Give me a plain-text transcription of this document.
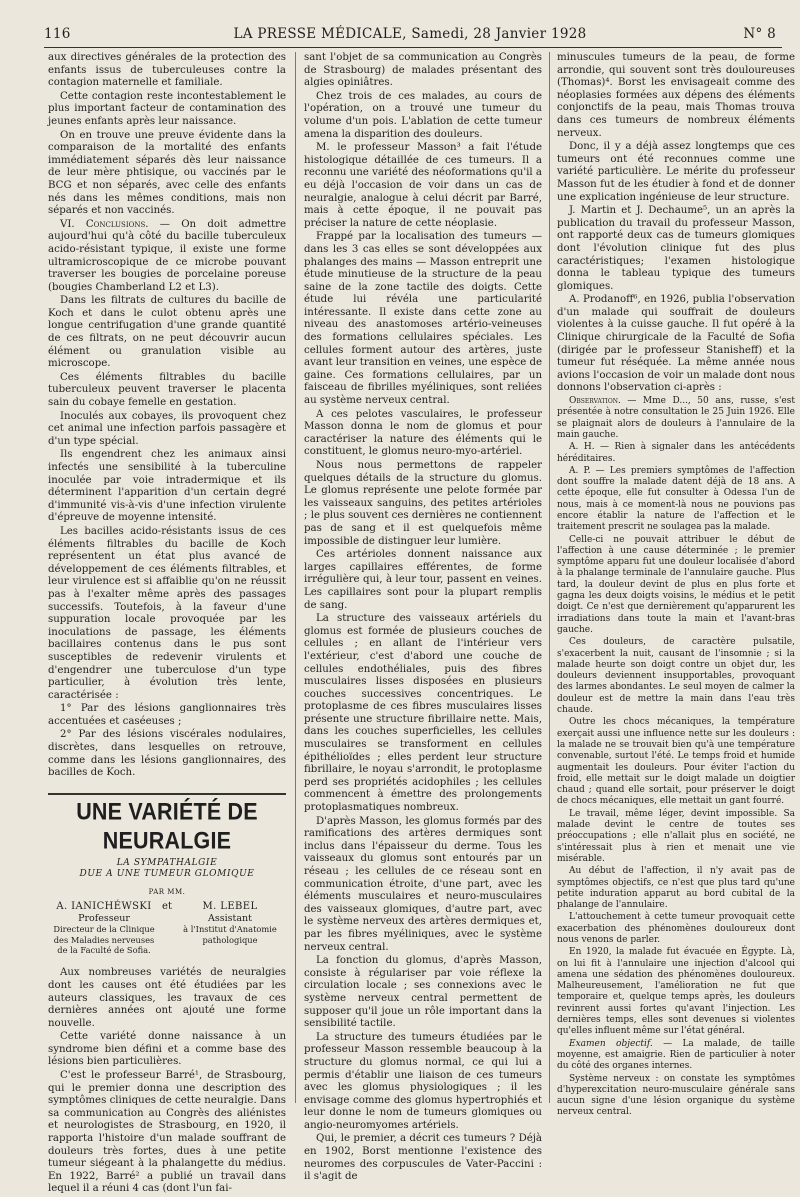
116	LA PRESSE MÉDICALE, Samedi, 28 Janvier 1928	N° 8

aux directives générales de la protection des enfants issus de tuberculeuses contre la contagion maternelle et familiale.

Cette contagion reste incontestablement le plus important facteur de contamination des jeunes enfants après leur naissance.

On en trouve une preuve évidente dans la comparaison de la mortalité des enfants immédiatement séparés dès leur naissance de leur mère phtisique, ou vaccinés par le BCG et non séparés, avec celle des enfants nés dans les mêmes conditions, mais non séparés et non vaccinés.

VI. Conclusions. — On doit admettre aujourd'hui qu'à côté du bacille tuberculeux acido-résistant typique, il existe une forme ultramicroscopique de ce microbe pouvant traverser les bougies de porcelaine poreuse (bougies Chamberland L2 et L3).

Dans les filtrats de cultures du bacille de Koch et dans le culot obtenu après une longue centrifugation d'une grande quantité de ces filtrats, on ne peut découvrir aucun élément ou granulation visible au microscope.

Ces éléments filtrables du bacille tuberculeux peuvent traverser le placenta sain du cobaye femelle en gestation.

Inoculés aux cobayes, ils provoquent chez cet animal une infection parfois passagère et d'un type spécial.

Ils engendrent chez les animaux ainsi infectés une sensibilité à la tuberculine inoculée par voie intradermique et ils déterminent l'apparition d'un certain degré d'immunité vis-à-vis d'une infection virulente d'épreuve de moyenne intensité.

Les bacilles acido-résistants issus de ces éléments filtrables du bacille de Koch représentent un état plus avancé de développement de ces éléments filtrables, et leur virulence est si affaiblie qu'on ne réussit pas à l'exalter même après des passages successifs. Toutefois, à la faveur d'une suppuration locale provoquée par les inoculations de passage, les éléments bacillaires contenus dans le pus sont susceptibles de redevenir virulents et d'engendrer une tuberculose d'un type particulier, à évolution très lente, caractérisée :

1° Par des lésions ganglionnaires très accentuées et caséeuses ;

2° Par des lésions viscérales nodulaires, discrètes, dans lesquelles on retrouve, comme dans les lésions ganglionnaires, des bacilles de Koch.

UNE VARIÉTÉ DE NEURALGIE
LA SYMPATHALGIE
DUE A UNE TUMEUR GLOMIQUE
PAR MM.
A. IANICHÉWSKI
Professeur
Directeur de la Clinique des Maladies nerveuses de la Faculté de Sofia.
et	M. LEBEL
Assistant
à l'Institut d'Anatomie pathologique

Aux nombreuses variétés de neuralgies dont les causes ont été étudiées par les auteurs classiques, les travaux de ces dernières années ont ajouté une forme nouvelle.

Cette variété donne naissance à un syndrome bien défini et a comme base des lésions bien particulières.

C'est le professeur Barré¹, de Strasbourg, qui le premier donna une description des symptômes cliniques de cette neuralgie. Dans sa communication au Congrès des aliénistes et neurologistes de Strasbourg, en 1920, il rapporta l'histoire d'un malade souffrant de douleurs très fortes, dues à une petite tumeur siégeant à la phalangette du médius. En 1922, Barré² a publié un travail dans lequel il a réuni 4 cas (dont l'un fai-

sant l'objet de sa communication au Congrès de Strasbourg) de malades présentant des algies opiniâtres.

Chez trois de ces malades, au cours de l'opération, on a trouvé une tumeur du volume d'un pois. L'ablation de cette tumeur amena la disparition des douleurs.

M. le professeur Masson³ a fait l'étude histologique détaillée de ces tumeurs. Il a reconnu une variété des néoformations qu'il a eu déjà l'occasion de voir dans un cas de neuralgie, analogue à celui décrit par Barré, mais à cette époque, il ne pouvait pas préciser la nature de cette néoplasie.

Frappé par la localisation des tumeurs — dans les 3 cas elles se sont développées aux phalanges des mains — Masson entreprit une étude minutieuse de la structure de la peau saine de la zone tactile des doigts. Cette étude lui révéla une particularité intéressante. Il existe dans cette zone au niveau des anastomoses artério-veineuses des formations cellulaires spéciales. Les cellules forment autour des artères, juste avant leur transition en veines, une espèce de gaine. Ces formations cellulaires, par un faisceau de fibrilles myéliniques, sont reliées au système nerveux central.

A ces pelotes vasculaires, le professeur Masson donna le nom de glomus et pour caractériser la nature des éléments qui le constituent, le glomus neuro-myo-artériel.

Nous nous permettons de rappeler quelques détails de la structure du glomus. Le glomus représente une pelote formée par les vaisseaux sanguins, des petites artérioles ; le plus souvent ces dernières ne contiennent pas de sang et il est quelquefois même impossible de distinguer leur lumière.

Ces artérioles donnent naissance aux larges capillaires efférentes, de forme irrégulière qui, à leur tour, passent en veines. Les capillaires sont pour la plupart remplis de sang.

La structure des vaisseaux artériels du glomus est formée de plusieurs couches de cellules ; en allant de l'intérieur vers l'extérieur, c'est d'abord une couche de cellules endothéliales, puis des fibres musculaires lisses disposées en plusieurs couches successives concentriques. Le protoplasme de ces fibres musculaires lisses présente une structure fibrillaire nette. Mais, dans les couches superficielles, les cellules musculaires se transforment en cellules épithélioïdes ; elles perdent leur structure fibrillaire, le noyau s'arrondit, le protoplasme perd ses propriétés acidophiles ; les cellules commencent à émettre des prolongements protoplasmatiques nombreux.

D'après Masson, les glomus formés par des ramifications des artères dermiques sont inclus dans l'épaisseur du derme. Tous les vaisseaux du glomus sont entourés par un réseau ; les cellules de ce réseau sont en communication étroite, d'une part, avec les éléments musculaires et neuro-musculaires des vaisseaux glomiques, d'autre part, avec le système nerveux des artères dermiques et, par les fibres myéliniques, avec le système nerveux central.

La fonction du glomus, d'après Masson, consiste à régulariser par voie réflexe la circulation locale ; ses connexions avec le système nerveux central permettent de supposer qu'il joue un rôle important dans la sensibilité tactile.

La structure des tumeurs étudiées par le professeur Masson ressemble beaucoup à la structure du glomus normal, ce qui lui a permis d'établir une liaison de ces tumeurs avec les glomus physiologiques ; il les envisage comme des glomus hypertrophiés et leur donne le nom de tumeurs glomiques ou angio-neuromyomes artériels.

Qui, le premier, a décrit ces tumeurs ? Déjà en 1902, Borst mentionne l'existence des neuromes des corpuscules de Vater-Paccini : il s'agit de

minuscules tumeurs de la peau, de forme arrondie, qui souvent sont très douloureuses (Thomas)⁴. Borst les envisageait comme des néoplasies formées aux dépens des éléments conjonctifs de la peau, mais Thomas trouva dans ces tumeurs de nombreux éléments nerveux.

Donc, il y a déjà assez longtemps que ces tumeurs ont été reconnues comme une variété particulière. Le mérite du professeur Masson fut de les étudier à fond et de donner une explication ingénieuse de leur structure.

J. Martin et J. Dechaume⁵, un an après la publication du travail du professeur Masson, ont rapporté deux cas de tumeurs glomiques dont l'évolution clinique fut des plus caractéristiques; l'examen histologique donna le tableau typique des tumeurs glomiques.

A. Prodanoff⁶, en 1926, publia l'observation d'un malade qui souffrait de douleurs violentes à la cuisse gauche. Il fut opéré à la Clinique chirurgicale de la Faculté de Sofia (dirigée par le professeur Stanisheff) et la tumeur fut réséquée. La même année nous avions l'occasion de voir un malade dont nous donnons l'observation ci-après :

Observation. — Mme D..., 50 ans, russe, s'est présentée à notre consultation le 25 Juin 1926. Elle se plaignait alors de douleurs à l'annulaire de la main gauche.

A. H. — Rien à signaler dans les antécédents héréditaires.

A. P. — Les premiers symptômes de l'affection dont souffre la malade datent déjà de 18 ans. A cette époque, elle fut consulter à Odessa l'un de nous, mais à ce moment-là nous ne pouvions pas encore établir la nature de l'affection et le traitement prescrit ne soulagea pas la malade.

Celle-ci ne pouvait attribuer le début de l'affection à une cause déterminée ; le premier symptôme apparu fut une douleur localisée d'abord à la phalange terminale de l'annulaire gauche. Plus tard, la douleur devint de plus en plus forte et gagna les deux doigts voisins, le médius et le petit doigt. Ce n'est que dernièrement qu'apparurent les irradiations dans toute la main et l'avant-bras gauche.

Ces douleurs, de caractère pulsatile, s'exacerbent la nuit, causant de l'insomnie ; si la malade heurte son doigt contre un objet dur, les douleurs deviennent insupportables, provoquant des larmes abondantes. Le seul moyen de calmer la douleur est de mettre la main dans l'eau très chaude.

Outre les chocs mécaniques, la température exerçait aussi une influence nette sur les douleurs : la malade ne se trouvait bien qu'à une température convenable, surtout l'été. Le temps froid et humide augmentait les douleurs. Pour éviter l'action du froid, elle mettait sur le doigt malade un doigtier chaud ; quand elle sortait, pour préserver le doigt de chocs mécaniques, elle mettait un gant fourré.

Le travail, même léger, devint impossible. Sa malade devint le centre de toutes ses préoccupations ; elle n'allait plus en société, ne s'intéressait plus à rien et menait une vie misérable.

Au début de l'affection, il n'y avait pas de symptômes objectifs, ce n'est que plus tard qu'une petite induration apparut au bord cubital de la phalange de l'annulaire.

L'attouchement à cette tumeur provoquait cette exacerbation des phénomènes douloureux dont nous venons de parler.

En 1920, la malade fut évacuée en Égypte. Là, on lui fit à l'annulaire une injection d'alcool qui amena une sédation des phénomènes douloureux. Malheureusement, l'amélioration ne fut que temporaire et, quelque temps après, les douleurs revinrent aussi fortes qu'avant l'injection. Les dernières temps, elles sont devenues si violentes qu'elles influent même sur l'état général.

Examen objectif. — La malade, de taille moyenne, est amaigrie. Rien de particulier à noter du côté des organes internes.

Système nerveux : on constate les symptômes d'hyperexcitation neuro-musculaire générale sans aucun signe d'une lésion organique du système nerveux central.
